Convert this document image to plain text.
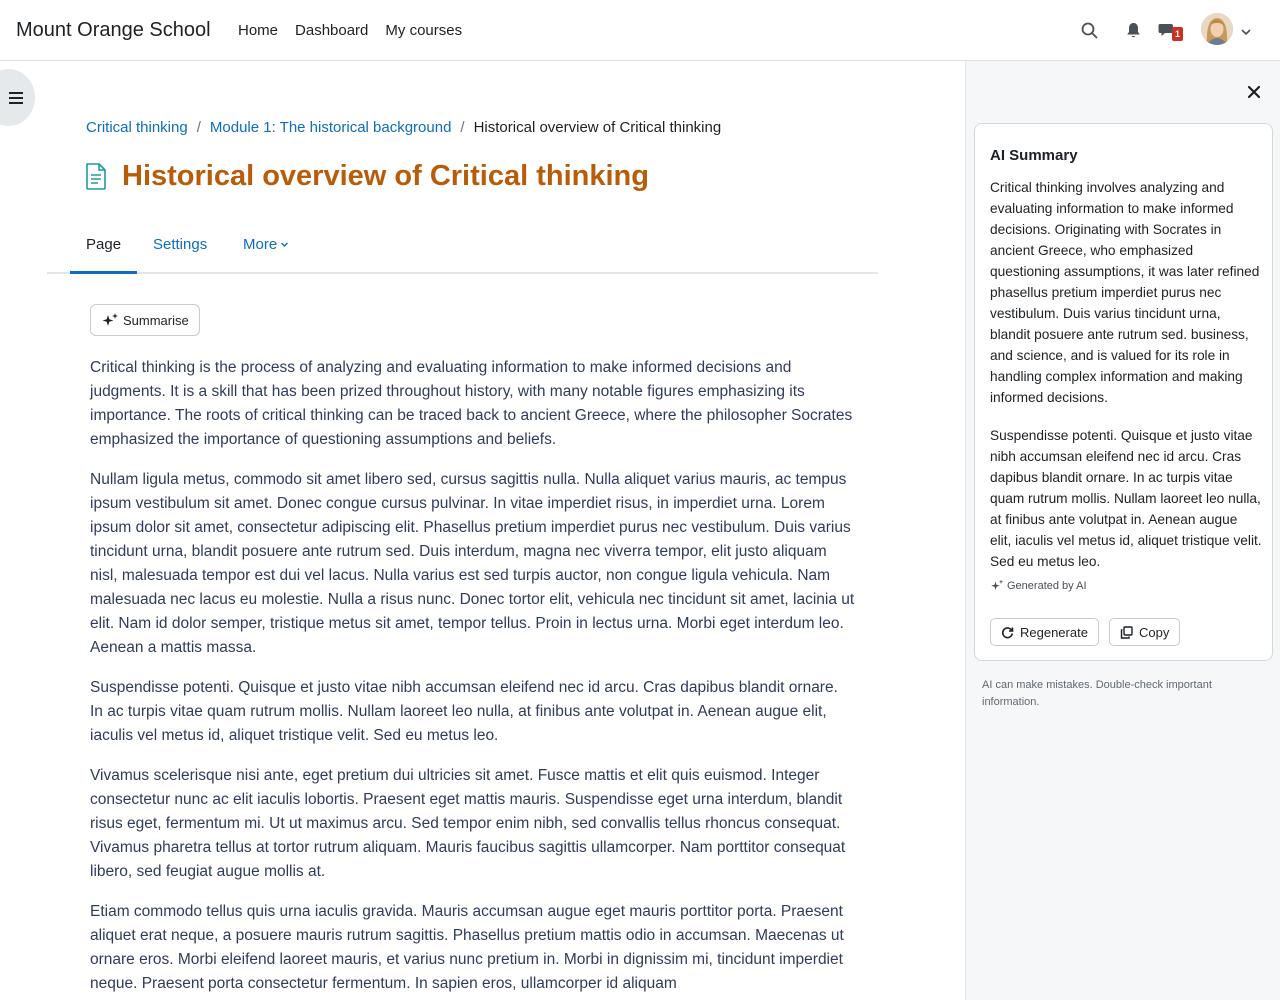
Mount Orange School Home Dashboard My courses	1
Critical thinking / Module 1: The historical background / Historical overview of Critical thinking
Historical overview of Critical thinking
Page Settings More
Summarise

Critical thinking is the process of analyzing and evaluating information to make informed decisions and judgments. It is a skill that has been prized throughout history, with many notable figures emphasizing its importance. The roots of critical thinking can be traced back to ancient Greece, where the philosopher Socrates emphasized the importance of questioning assumptions and beliefs.

Nullam ligula metus, commodo sit amet libero sed, cursus sagittis nulla. Nulla aliquet varius mauris, ac tempus ipsum vestibulum sit amet. Donec congue cursus pulvinar. In vitae imperdiet risus, in imperdiet urna. Lorem ipsum dolor sit amet, consectetur adipiscing elit. Phasellus pretium imperdiet purus nec vestibulum. Duis varius tincidunt urna, blandit posuere ante rutrum sed. Duis interdum, magna nec viverra tempor, elit justo aliquam nisl, malesuada tempor est dui vel lacus. Nulla varius est sed turpis auctor, non congue ligula vehicula. Nam malesuada nec lacus eu molestie. Nulla a risus nunc. Donec tortor elit, vehicula nec tincidunt sit amet, lacinia ut elit. Nam id dolor semper, tristique metus sit amet, tempor tellus. Proin in lectus urna. Morbi eget interdum leo. Aenean a mattis massa.

Suspendisse potenti. Quisque et justo vitae nibh accumsan eleifend nec id arcu. Cras dapibus blandit ornare. In ac turpis vitae quam rutrum mollis. Nullam laoreet leo nulla, at finibus ante volutpat in. Aenean augue elit, iaculis vel metus id, aliquet tristique velit. Sed eu metus leo.

Vivamus scelerisque nisi ante, eget pretium dui ultricies sit amet. Fusce mattis et elit quis euismod. Integer consectetur nunc ac elit iaculis lobortis. Praesent eget mattis mauris. Suspendisse eget urna interdum, blandit risus eget, fermentum mi. Ut ut maximus arcu. Sed tempor enim nibh, sed convallis tellus rhoncus consequat. Vivamus pharetra tellus at tortor rutrum aliquam. Mauris faucibus sagittis ullamcorper. Nam porttitor consequat libero, sed feugiat augue mollis at.

Etiam commodo tellus quis urna iaculis gravida. Mauris accumsan augue eget mauris porttitor porta. Praesent aliquet erat neque, a posuere mauris rutrum sagittis. Phasellus pretium mattis odio in accumsan. Maecenas ut ornare eros. Morbi eleifend laoreet mauris, et varius nunc pretium in. Morbi in dignissim mi, tincidunt imperdiet neque. Praesent porta consectetur fermentum. In sapien eros, ullamcorper id aliquam

AI Summary

Critical thinking involves analyzing and evaluating information to make informed decisions. Originating with Socrates in ancient Greece, who emphasized questioning assumptions, it was later refined phasellus pretium imperdiet purus nec vestibulum. Duis varius tincidunt urna, blandit posuere ante rutrum sed. business, and science, and is valued for its role in handling complex information and making informed decisions.

Suspendisse potenti. Quisque et justo vitae nibh accumsan eleifend nec id arcu. Cras dapibus blandit ornare. In ac turpis vitae quam rutrum mollis. Nullam laoreet leo nulla, at finibus ante volutpat in. Aenean augue elit, iaculis vel metus id, aliquet tristique velit. Sed eu metus leo.

Generated by AI
Regenerate	Copy
AI can make mistakes. Double-check important information.
